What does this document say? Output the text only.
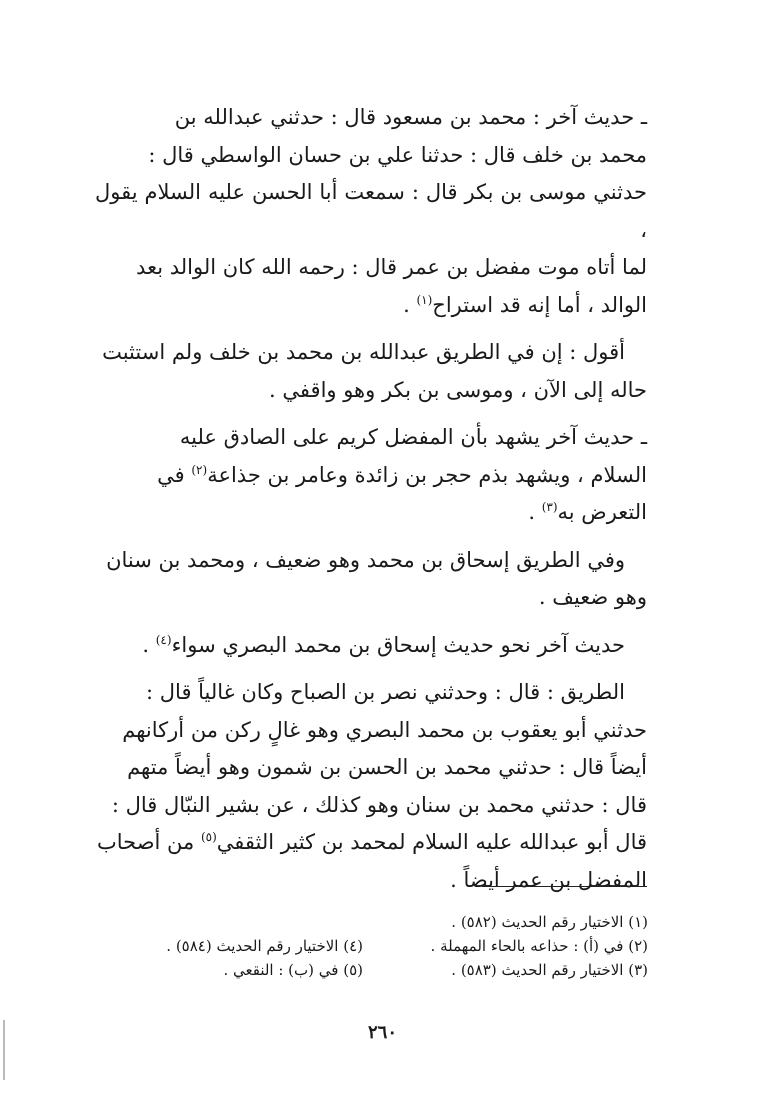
ـ حديث آخر : محمد بن مسعود قال : حدثني عبدالله بن

محمد بن خلف قال : حدثنا علي بن حسان الواسطي قال :

حدثني موسى بن بكر قال : سمعت أبا الحسن عليه السلام يقول ،

لما أتاه موت مفضل بن عمر قال : رحمه الله كان الوالد بعد

الوالد ، أما إنه قد استراح$^{(١)}$ .

أقول : إن في الطريق عبدالله بن محمد بن خلف ولم استثبت

حاله إلى الآن ، وموسى بن بكر وهو واقفي .

ـ حديث آخر يشهد بأن المفضل كريم على الصادق عليه

السلام ، ويشهد بذم حجر بن زائدة وعامر بن جذاعة$^{(٢)}$ في

التعرض به$^{(٣)}$ .

وفي الطريق إسحاق بن محمد وهو ضعيف ، ومحمد بن سنان

وهو ضعيف .

حديث آخر نحو حديث إسحاق بن محمد البصري سواء$^{(٤)}$ .

الطريق : قال : وحدثني نصر بن الصباح وكان غالياً قال :

حدثني أبو يعقوب بن محمد البصري وهو غالٍ ركن من أركانهم

أيضاً قال : حدثني محمد بن الحسن بن شمون وهو أيضاً متهم

قال : حدثني محمد بن سنان وهو كذلك ، عن بشير النبّال قال :

قال أبو عبدالله عليه السلام لمحمد بن كثير الثقفي$^{(٥)}$ من أصحاب

المفضل بن عمر أيضاً .

(١) الاختيار رقم الحديث (٥٨٢) .
(٢) في (أ) : حذاعه بالحاء المهملة .
(٣) الاختيار رقم الحديث (٥٨٣) .
(٤) الاختيار رقم الحديث (٥٨٤) .
(٥) في (ب) : النقعي .
٢٦٠
